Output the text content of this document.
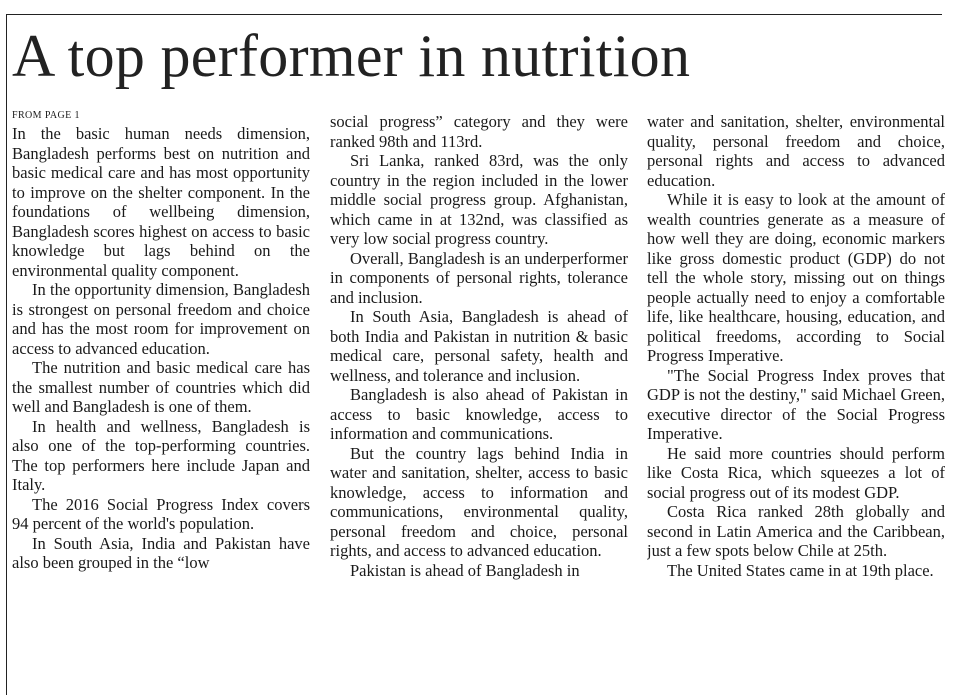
A top performer in nutrition
FROM PAGE 1

In the basic human needs dimension, Bangladesh performs best on nutrition and basic medical care and has most opportunity to improve on the shelter component. In the foundations of wellbeing dimension, Bangladesh scores highest on access to basic knowledge but lags behind on the environmental quality component.

In the opportunity dimension, Bangladesh is strongest on personal freedom and choice and has the most room for improvement on access to advanced education.

The nutrition and basic medical care has the smallest number of countries which did well and Bangladesh is one of them.

In health and wellness, Bangladesh is also one of the top-performing countries. The top performers here include Japan and Italy.

The 2016 Social Progress Index covers 94 percent of the world's population.

In South Asia, India and Pakistan have also been grouped in the “low

social progress” category and they were ranked 98th and 113rd.

Sri Lanka, ranked 83rd, was the only country in the region included in the lower middle social progress group. Afghanistan, which came in at 132nd, was classified as very low social progress country.

Overall, Bangladesh is an underperformer in components of personal rights, tolerance and inclusion.

In South Asia, Bangladesh is ahead of both India and Pakistan in nutrition & basic medical care, personal safety, health and wellness, and tolerance and inclusion.

Bangladesh is also ahead of Pakistan in access to basic knowledge, access to information and communications.

But the country lags behind India in water and sanitation, shelter, access to basic knowledge, access to information and communications, environmental quality, personal freedom and choice, personal rights, and access to advanced education.

Pakistan is ahead of Bangladesh in

water and sanitation, shelter, environmental quality, personal freedom and choice, personal rights and access to advanced education.

While it is easy to look at the amount of wealth countries generate as a measure of how well they are doing, economic markers like gross domestic product (GDP) do not tell the whole story, missing out on things people actually need to enjoy a comfortable life, like healthcare, housing, education, and political freedoms, according to Social Progress Imperative.

"The Social Progress Index proves that GDP is not the destiny," said Michael Green, executive director of the Social Progress Imperative.

He said more countries should perform like Costa Rica, which squeezes a lot of social progress out of its modest GDP.

Costa Rica ranked 28th globally and second in Latin America and the Caribbean, just a few spots below Chile at 25th.

The United States came in at 19th place.
